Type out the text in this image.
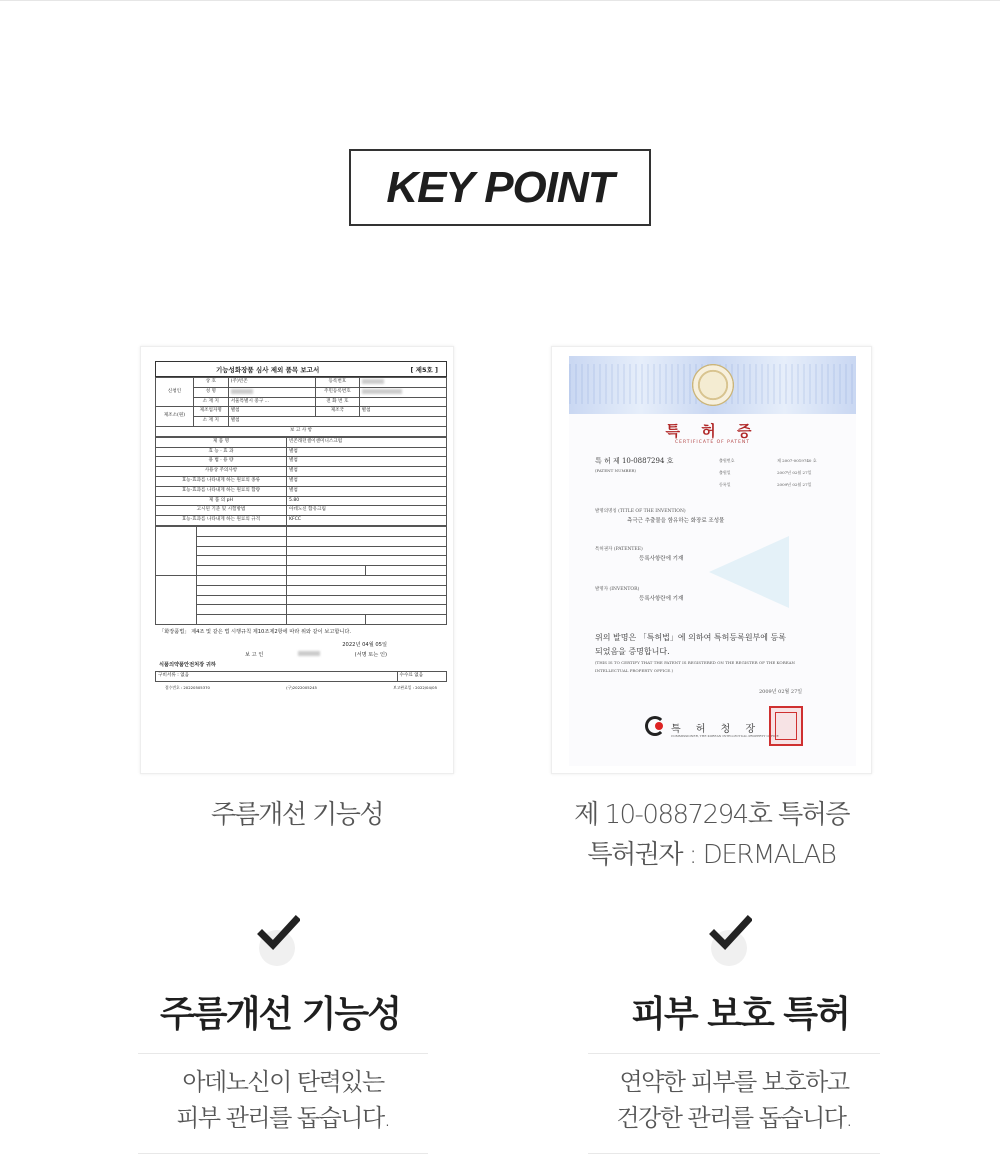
KEY POINT
기능성화장품 심사 제외 품목 보고서	[ 제5호 ]
신청인	상 호	(주)빈존	등록번호	
	성 명		주민등록번호	
	소 재 지	서울특별시 중구 ...	전 화 번 호	
제조소(원)	제조업자명	별첨	제조국	별첨
	소 재 지	별첨		
보 고 사 항				
제 품 명	빈존래던셀이센미니스크럽
효 능 · 효 과	별첨
용 법 · 용 량	별첨
사용상 주의사항	별첨
효능·효과를 나타내게 하는 원료의 종류	별첨
효능·효과를 나타내게 하는 원료의 함량	별첨
제 품 의 pH	5.80
고시된 기준 및 시험방법	아데노신 함유크림
효능·효과를 나타내게 하는 원료의 규격	KFCC

「화장품법」 제4조 및 같은 법 시행규칙 제10조제2항에 따라 위와 같이 보고합니다.
2022년 04월 05일
보 고 인	(서명 또는 인)
식품의약품안전처장 귀하
구비서류 : 없음	수수료 없음
접수번호 : 20220505370	(구)2022005245	보고완료일 : 2022/04/05
특 허 증
CERTIFICATE OF PATENT
특 허 제 10-0887294 호
(PATENT NUMBER)
출원번호	제 2007-0019740 호
출원일	2007년 02월 27일
등록일	2009년 02월 27일
발명의명칭 (TITLE OF THE INVENTION)
측극근 추출물을 함유하는 화장료 조성물
특허권자 (PATENTEE)
등록사항란에 기재
발명자 (INVENTOR)
등록사항란에 기재
위의 발명은 「특허법」에 의하여 특허등록원부에 등록
되었음을 증명합니다.
(THIS IS TO CERTIFY THAT THE PATENT IS REGISTERED ON THE REGISTER OF THE KOREAN
INTELLECTUAL PROPERTY OFFICE.)
2009년 02월 27일
특 허 청 장
COMMISSIONER, THE KOREAN INTELLECTUAL PROPERTY OFFICE
주름개선 기능성	제 10-0887294호 특허증
특허권자 : DERMALAB
주름개선 기능성	피부 보호 특허
아데노신이 탄력있는
피부 관리를 돕습니다.
연약한 피부를 보호하고
건강한 관리를 돕습니다.
